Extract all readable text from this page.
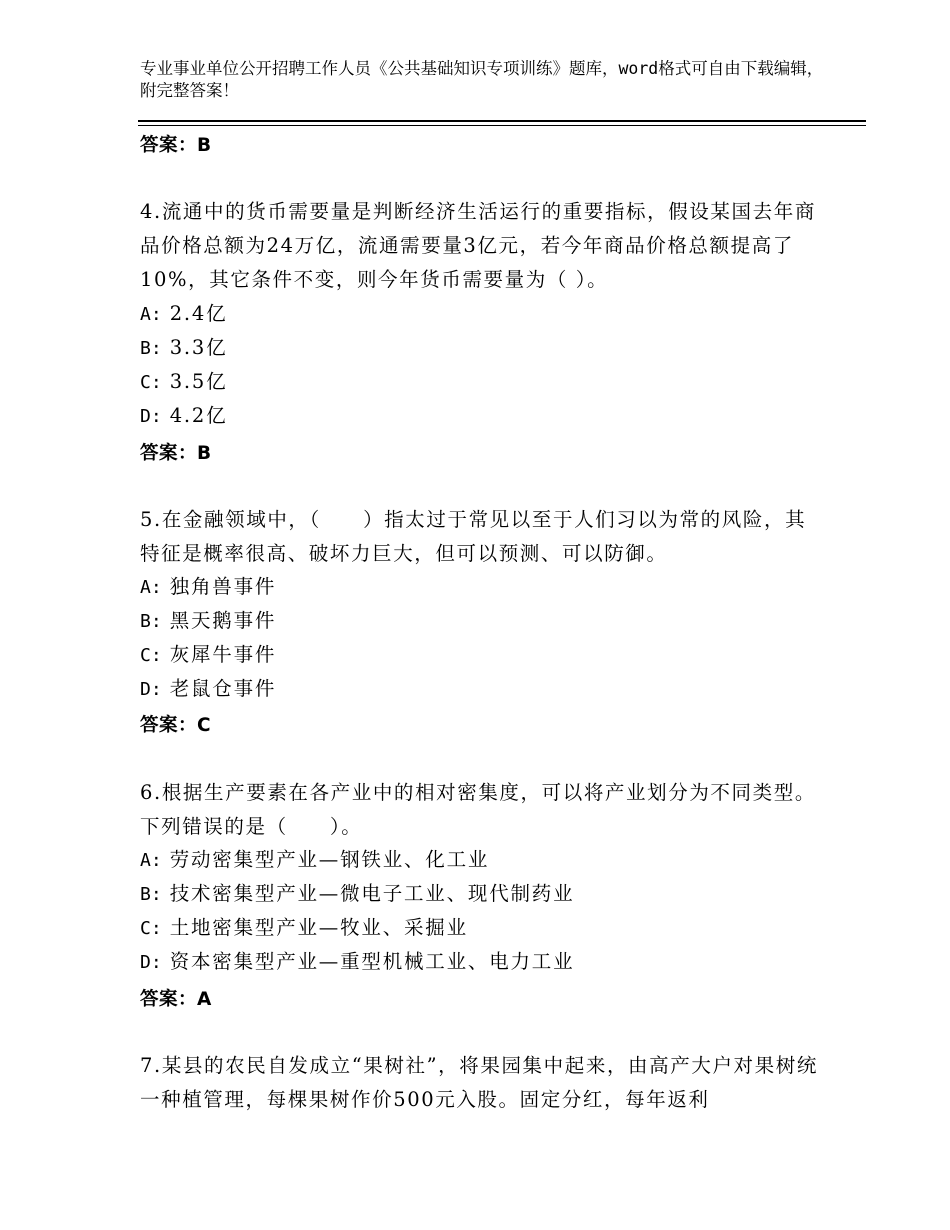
专业事业单位公开招聘工作人员《公共基础知识专项训练》题库，word格式可自由下载编辑，附完整答案！
答案：B
4.流通中的货币需要量是判断经济生活运行的重要指标，假设某国去年商品价格总额为24万亿，流通需要量3亿元，若今年商品价格总额提高了10%，其它条件不变，则今年货币需要量为（ ）。
A: 2.4亿
B: 3.3亿
C: 3.5亿
D: 4.2亿
答案：B
5.在金融领域中，（　　）指太过于常见以至于人们习以为常的风险，其特征是概率很高、破坏力巨大，但可以预测、可以防御。
A: 独角兽事件
B: 黑天鹅事件
C: 灰犀牛事件
D: 老鼠仓事件
答案：C
6.根据生产要素在各产业中的相对密集度，可以将产业划分为不同类型。下列错误的是（　　）。
A: 劳动密集型产业—钢铁业、化工业
B: 技术密集型产业—微电子工业、现代制药业
C: 土地密集型产业—牧业、采掘业
D: 资本密集型产业—重型机械工业、电力工业
答案：A
7.某县的农民自发成立“果树社”，将果园集中起来，由高产大户对果树统一种植管理，每棵果树作价500元入股。固定分红，每年返利
